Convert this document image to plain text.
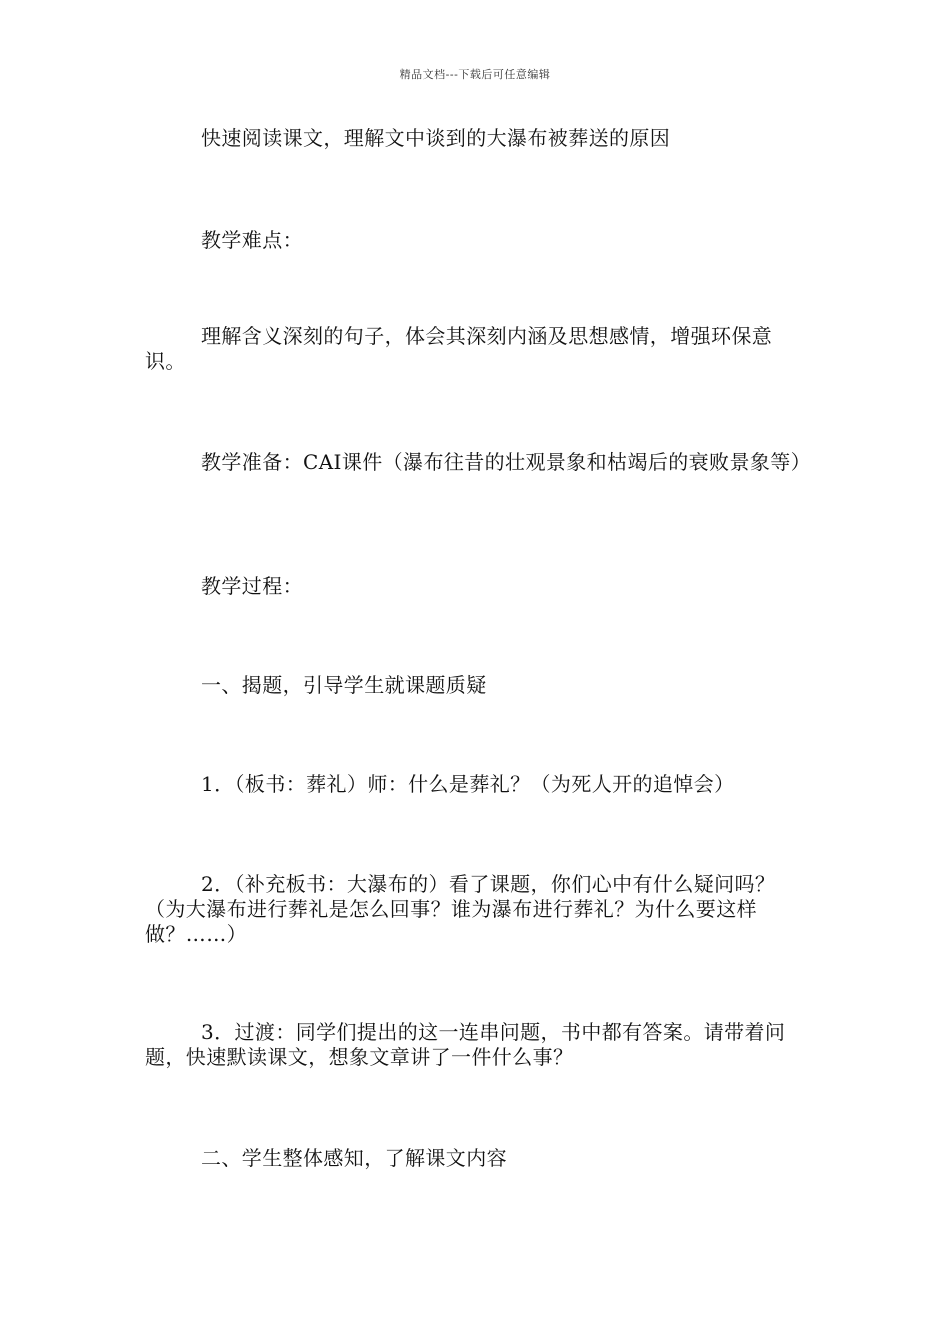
精品文档---下载后可任意编辑
快速阅读课文，理解文中谈到的大瀑布被葬送的原因
教学难点：
理解含义深刻的句子，体会其深刻内涵及思想感情，增强环保意识。
教学准备：CAI课件（瀑布往昔的壮观景象和枯竭后的衰败景象等）
教学过程：
一、揭题，引导学生就课题质疑
1．（板书：葬礼）师：什么是葬礼？（为死人开的追悼会）
2．（补充板书：大瀑布的）看了课题，你们心中有什么疑问吗？（为大瀑布进行葬礼是怎么回事？谁为瀑布进行葬礼？为什么要这样做？……）
3．过渡：同学们提出的这一连串问题，书中都有答案。请带着问题，快速默读课文，想象文章讲了一件什么事？
二、学生整体感知，了解课文内容
